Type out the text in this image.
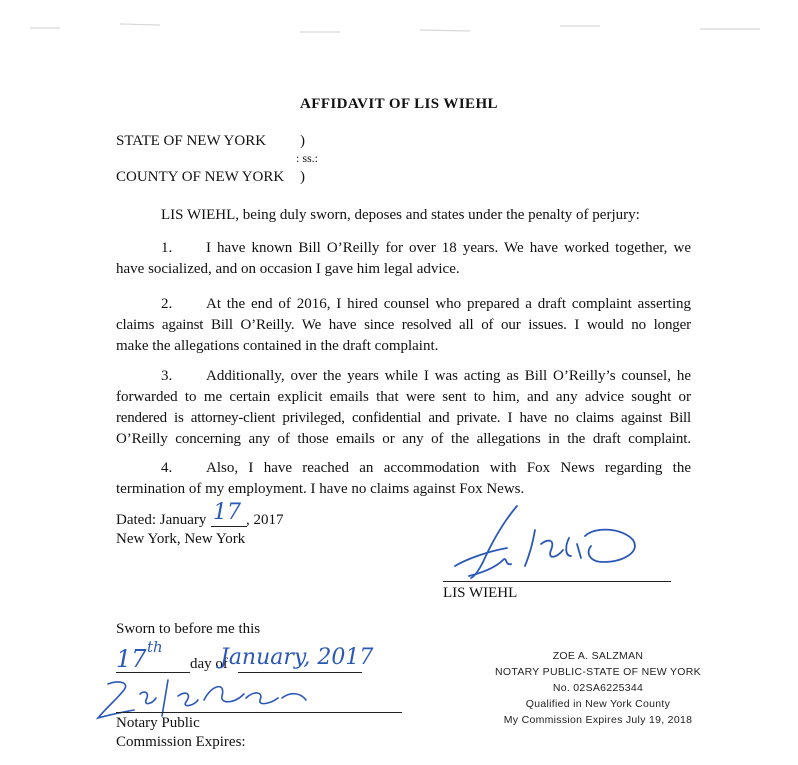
AFFIDAVIT OF LIS WIEHL
STATE OF NEW YORK )
: ss.:
COUNTY OF NEW YORK )
LIS WIEHL, being duly sworn, deposes and states under the penalty of perjury:
1. I have known Bill O’Reilly for over 18 years. We have worked together, we
have socialized, and on occasion I gave him legal advice.
2. At the end of 2016, I hired counsel who prepared a draft complaint asserting
claims against Bill O’Reilly. We have since resolved all of our issues. I would no longer
make the allegations contained in the draft complaint.
3. Additionally, over the years while I was acting as Bill O’Reilly’s counsel, he
forwarded to me certain explicit emails that were sent to him, and any advice sought or
rendered is attorney-client privileged, confidential and private. I have no claims against Bill
O’Reilly concerning any of those emails or any of the allegations in the draft complaint.
4. Also, I have reached an accommodation with Fox News regarding the
termination of my employment. I have no claims against Fox News.
Dated: January 17 , 2017
New York, New York
LIS WIEHL
Sworn to before me this
17 th
day of
January, 2017
Notary Public
Commission Expires:
ZOE A. SALZMAN
NOTARY PUBLIC-STATE OF NEW YORK
No. 02SA6225344
Qualified in New York County
My Commission Expires July 19, 2018
